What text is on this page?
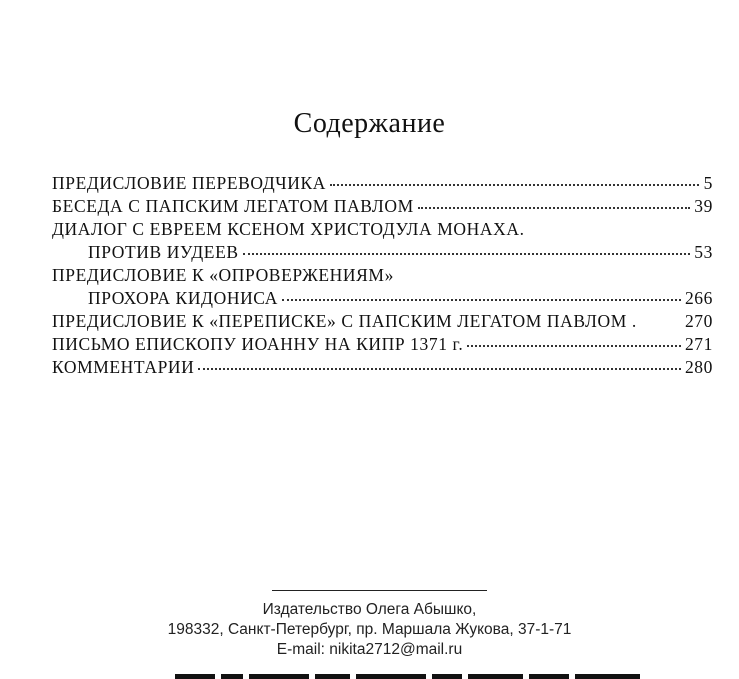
Содержание
ПРЕДИСЛОВИЕ ПЕРЕВОДЧИКА	5
БЕСЕДА С ПАПСКИМ ЛЕГАТОМ ПАВЛОМ	39
ДИАЛОГ С ЕВРЕЕМ КСЕНОМ ХРИСТОДУЛА МОНАХА.
ПРОТИВ ИУДЕЕВ	53
ПРЕДИСЛОВИЕ К «ОПРОВЕРЖЕНИЯМ»
ПРОХОРА КИДОНИСА	266
ПРЕДИСЛОВИЕ К «ПЕРЕПИСКЕ» С ПАПСКИМ ЛЕГАТОМ ПАВЛОМ .	270
ПИСЬМО ЕПИСКОПУ ИОАННУ НА КИПР 1371 г.	271
КОММЕНТАРИИ	280
Издательство Олега Абышко,
198332, Санкт-Петербург, пр. Маршала Жукова, 37-1-71
E-mail: nikita2712@mail.ru
